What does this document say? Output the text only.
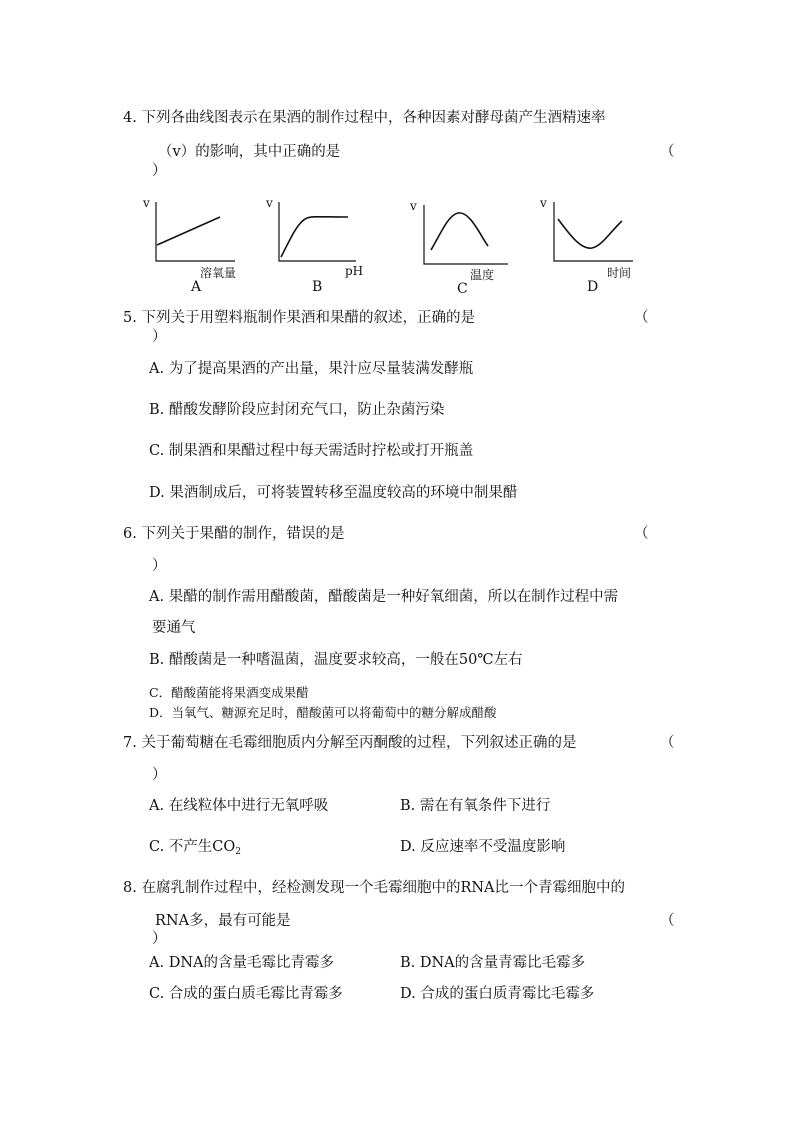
4. 下列各曲线图表示在果酒的制作过程中，各种因素对酵母菌产生酒精速率
（v）的影响，其中正确的是	（
）
v
溶氧量
A
v
pH
B
v
温度
C
v
时间
D
5. 下列关于用塑料瓶制作果酒和果醋的叙述，正确的是	（
）
A. 为了提高果酒的产出量，果汁应尽量装满发酵瓶
B. 醋酸发酵阶段应封闭充气口，防止杂菌污染
C. 制果酒和果醋过程中每天需适时拧松或打开瓶盖
D. 果酒制成后，可将装置转移至温度较高的环境中制果醋
6. 下列关于果醋的制作，错误的是	（
）
A. 果醋的制作需用醋酸菌，醋酸菌是一种好氧细菌，所以在制作过程中需
要通气
B. 醋酸菌是一种嗜温菌，温度要求较高，一般在50℃左右
C．醋酸菌能将果酒变成果醋
D．当氧气、糖源充足时，醋酸菌可以将葡萄中的糖分解成醋酸
7. 关于葡萄糖在毛霉细胞质内分解至丙酮酸的过程，下列叙述正确的是	（
）
A. 在线粒体中进行无氧呼吸	B. 需在有氧条件下进行
C. 不产生$CO_2$	D. 反应速率不受温度影响
8. 在腐乳制作过程中，经检测发现一个毛霉细胞中的RNA比一个青霉细胞中的
RNA多，最有可能是	（
）
A. DNA的含量毛霉比青霉多	B. DNA的含量青霉比毛霉多
C. 合成的蛋白质毛霉比青霉多	D. 合成的蛋白质青霉比毛霉多
